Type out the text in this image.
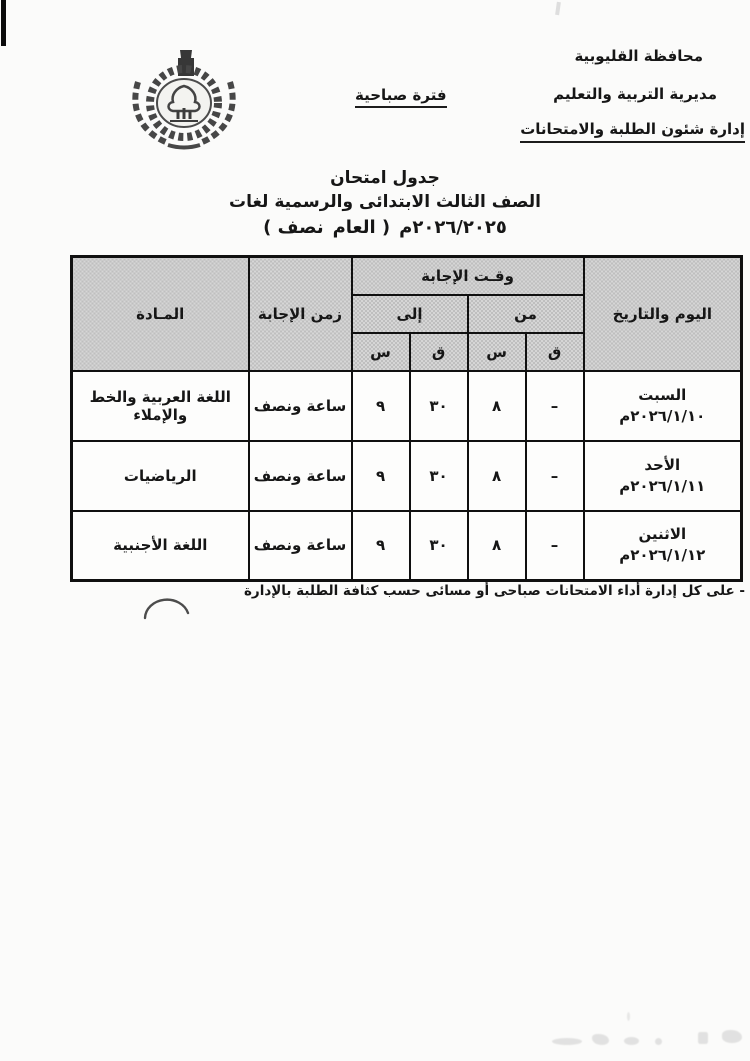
محافظة القليوبية
مديرية التربية والتعليم
إدارة شئون الطلبة والامتحانات
فترة صباحية
جدول امتحان
الصف الثالث الابتدائى والرسمية لغات
( نصف العام ) ٢٠٢٦/٢٠٢٥م
اليوم والتاريخ	وقـت الإجابة				زمن الإجابة	المـادة
	من		إلى			
	ق	س	ق	س		

السبت
٢٠٢٦/١/١٠م	–	٨	٣٠	٩	ساعة ونصف	اللغة العربية والخط والإملاء

الأحد
٢٠٢٦/١/١١م	–	٨	٣٠	٩	ساعة ونصف	الرياضيات

الاثنين
٢٠٢٦/١/١٢م	–	٨	٣٠	٩	ساعة ونصف	اللغة الأجنبية
- على كل إدارة أداء الامتحانات صباحى أو مسائى حسب كثافة الطلبة بالإدارة
